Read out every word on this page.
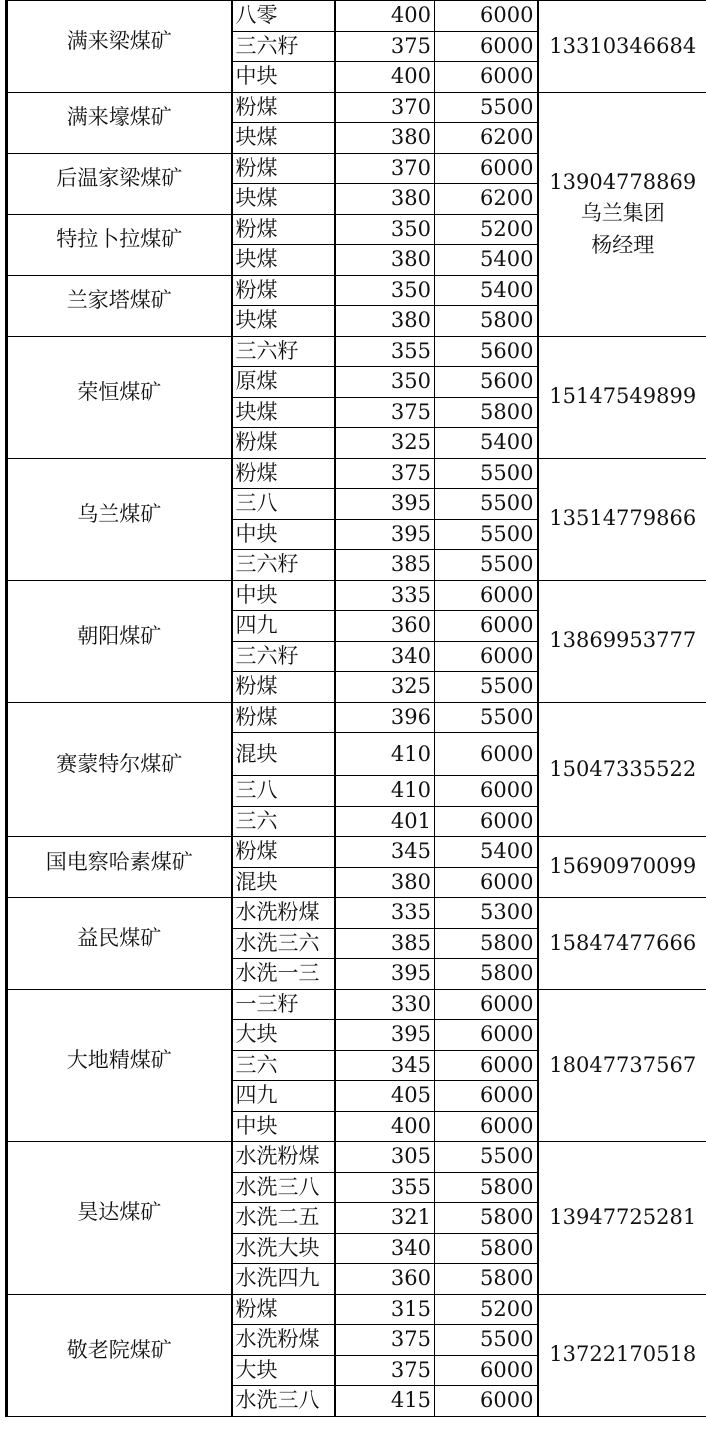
满来梁煤矿	八零	400	6000	13310346684

	三六籽	375	6000	
	中块	400	6000	
满来壕煤矿	粉煤	370	5500	13904778869
乌兰集团
杨经理

	块煤	380	6200	
后温家梁煤矿	粉煤	370	6000	
	块煤	380	6200	
特拉卜拉煤矿	粉煤	350	5200	
	块煤	380	5400	
兰家塔煤矿	粉煤	350	5400	
	块煤	380	5800	
荣恒煤矿	三六籽	355	5600	15147549899

	原煤	350	5600	
	块煤	375	5800	
	粉煤	325	5400	
乌兰煤矿	粉煤	375	5500	13514779866

	三八	395	5500	
	中块	395	5500	
	三六籽	385	5500	
朝阳煤矿	中块	335	6000	13869953777

	四九	360	6000	
	三六籽	340	6000	
	粉煤	325	5500	
赛蒙特尔煤矿	粉煤	396	5500	15047335522

	混块	410	6000	
	三八	410	6000	
	三六	401	6000	
国电察哈素煤矿	粉煤	345	5400	15690970099

	混块	380	6000	
益民煤矿	水洗粉煤	335	5300	15847477666

	水洗三六	385	5800	
	水洗一三	395	5800	
大地精煤矿	一三籽	330	6000	18047737567

	大块	395	6000	
	三六	345	6000	
	四九	405	6000	
	中块	400	6000	
昊达煤矿	水洗粉煤	305	5500	13947725281

	水洗三八	355	5800	
	水洗二五	321	5800	
	水洗大块	340	5800	
	水洗四九	360	5800	
敬老院煤矿	粉煤	315	5200	13722170518

	水洗粉煤	375	5500	
	大块	375	6000	
	水洗三八	415	6000	
